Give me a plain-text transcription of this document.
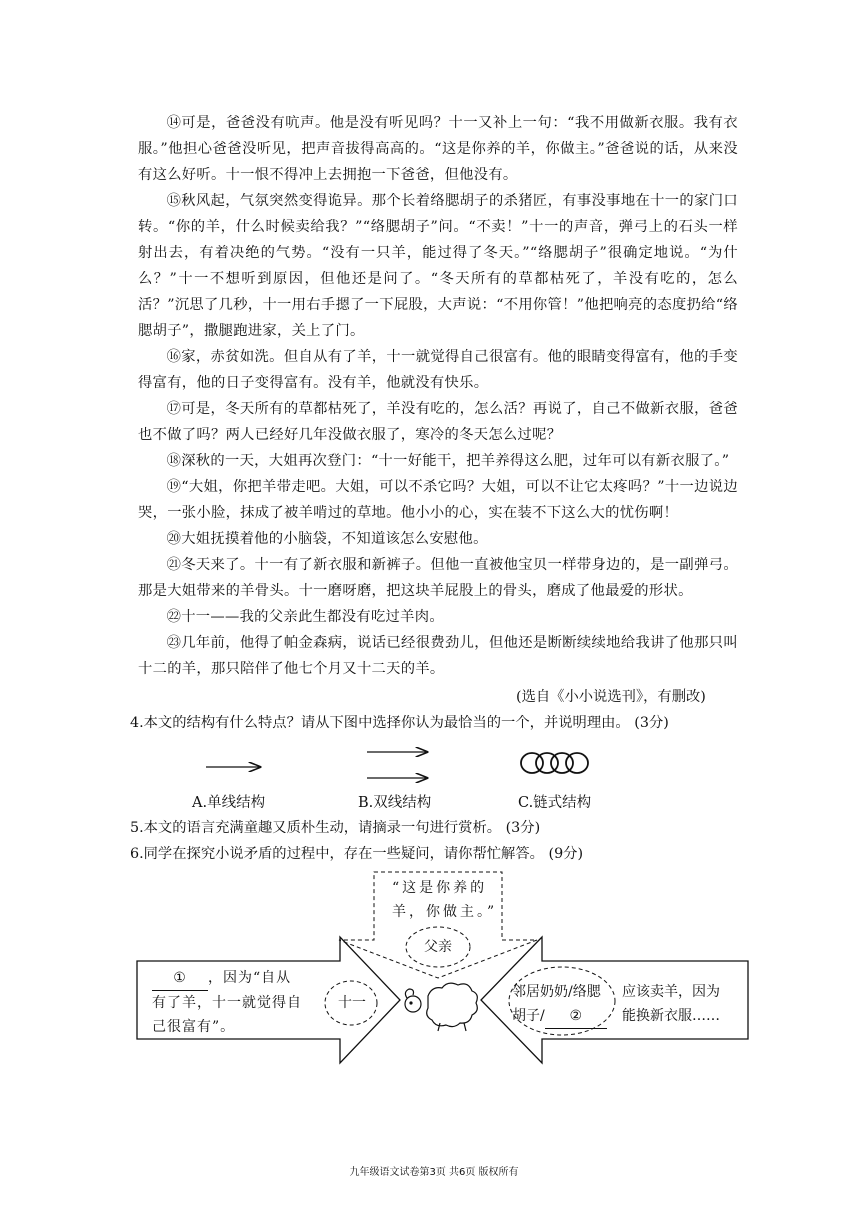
⑭可是，爸爸没有吭声。他是没有听见吗？十一又补上一句：“我不用做新衣服。我有衣服。”他担心爸爸没听见，把声音拔得高高的。“这是你养的羊，你做主。”爸爸说的话，从来没有这么好听。十一恨不得冲上去拥抱一下爸爸，但他没有。

⑮秋风起，气氛突然变得诡异。那个长着络腮胡子的杀猪匠，有事没事地在十一的家门口转。“你的羊，什么时候卖给我？”“络腮胡子”问。“不卖！”十一的声音，弹弓上的石头一样射出去，有着决绝的气势。“没有一只羊，能过得了冬天。”“络腮胡子”很确定地说。“为什么？”十一不想听到原因，但他还是问了。“冬天所有的草都枯死了，羊没有吃的，怎么活？”沉思了几秒，十一用右手摁了一下屁股，大声说：“不用你管！”他把响亮的态度扔给“络腮胡子”，撒腿跑进家，关上了门。

⑯家，赤贫如洗。但自从有了羊，十一就觉得自己很富有。他的眼睛变得富有，他的手变得富有，他的日子变得富有。没有羊，他就没有快乐。

⑰可是，冬天所有的草都枯死了，羊没有吃的，怎么活？再说了，自己不做新衣服，爸爸也不做了吗？两人已经好几年没做衣服了，寒冷的冬天怎么过呢？

⑱深秋的一天，大姐再次登门：“十一好能干，把羊养得这么肥，过年可以有新衣服了。”

⑲“大姐，你把羊带走吧。大姐，可以不杀它吗？大姐，可以不让它太疼吗？”十一边说边哭，一张小脸，抹成了被羊啃过的草地。他小小的心，实在装不下这么大的忧伤啊！

⑳大姐抚摸着他的小脑袋，不知道该怎么安慰他。

㉑冬天来了。十一有了新衣服和新裤子。但他一直被他宝贝一样带身边的，是一副弹弓。那是大姐带来的羊骨头。十一磨呀磨，把这块羊屁股上的骨头，磨成了他最爱的形状。

㉒十一——我的父亲此生都没有吃过羊肉。

㉓几年前，他得了帕金森病，说话已经很费劲儿，但他还是断断续续地给我讲了他那只叫十二的羊，那只陪伴了他七个月又十二天的羊。

(选自《小小说选刊》，有删改)

4.本文的结构有什么特点？请从下图中选择你认为最恰当的一个，并说明理由。 (3分)

A.单线结构	B.双线结构	C.链式结构

5.本文的语言充满童趣又质朴生动，请摘录一句进行赏析。 (3分)

6.同学在探究小说矛盾的过程中，存在一些疑问，请你帮忙解答。 (9分)

“这是你养的
羊，你做主。”
父亲
① ，因为“自从
有了羊，十一就觉得自
己很富有”。
十一
邻居奶奶/络腮
胡子/ ②
应该卖羊，因为
能换新衣服……
九年级语文试卷第3页 共6页 版权所有
